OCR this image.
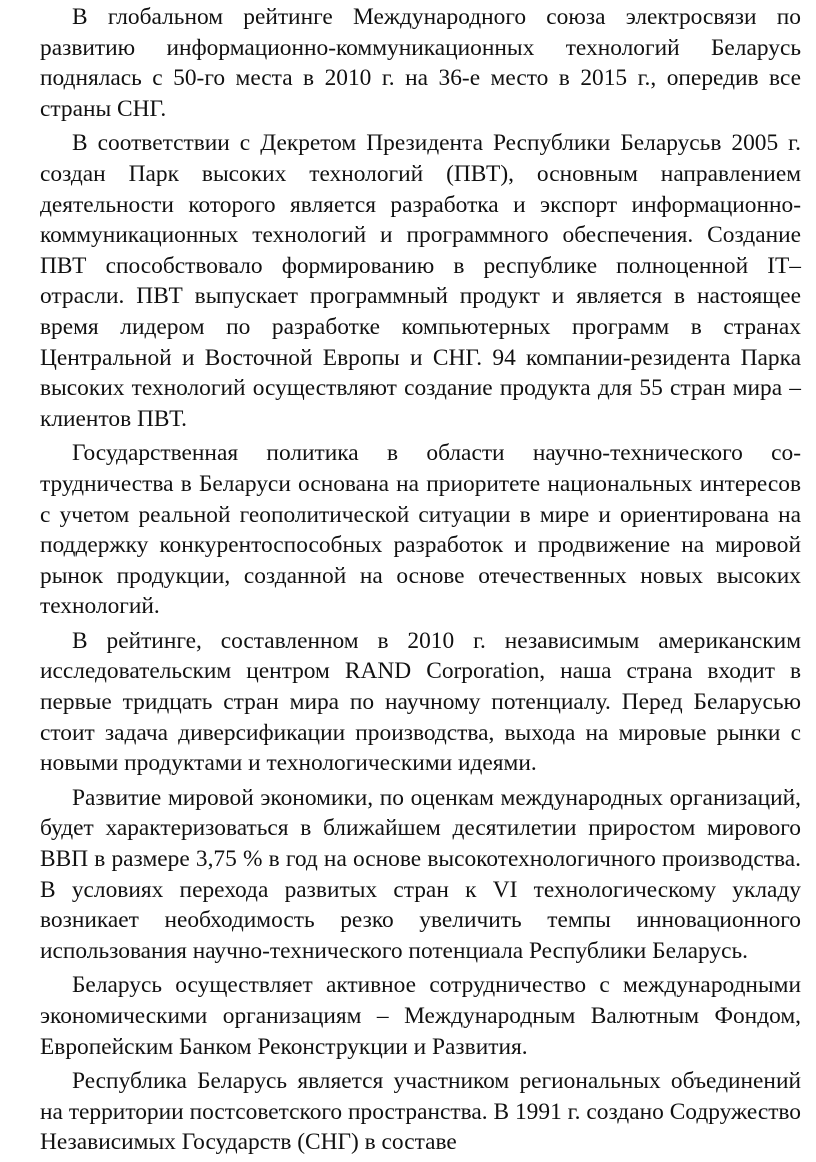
В глобальном рейтинге Международного союза электросвязи по развитию информационно-коммуникационных технологий Беларусь поднялась с 50-го места в 2010 г. на 36-е место в 2015 г., опередив все страны СНГ.

В соответствии с Декретом Президента Республики Беларусьв 2005 г. создан Парк высоких технологий (ПВТ), основным направлением деятельности которого является разработка и экспорт информационно-коммуникационных технологий и программного обеспечения. Создание ПВТ способствовало формированию в республике полноценной IT–отрасли. ПВТ выпускает программный продукт и является в настоящее время лидером по разработке компьютерных программ в странах Центральной и Восточной Европы и СНГ. 94 компании-резидента Парка высоких технологий осуществляют создание продукта для 55 стран мира – клиентов ПВТ.

Государственная политика в области научно-технического сотрудничества в Беларуси основана на приоритете национальных интересов с учетом реальной геополитической ситуации в мире и ориентирована на поддержку конкурентоспособных разработок и продвижение на мировой рынок продукции, созданной на основе отечественных новых высоких технологий.

В рейтинге, составленном в 2010 г. независимым американским исследовательским центром RAND Corporation, наша страна входит в первые тридцать стран мира по научному потенциалу. Перед Беларусью стоит задача диверсификации производства, выхода на мировые рынки с новыми продуктами и технологическими идеями.

Развитие мировой экономики, по оценкам международных организаций, будет характеризоваться в ближайшем десятилетии приростом мирового ВВП в размере 3,75 % в год на основе высокотехнологичного производства. В условиях перехода развитых стран к VI технологическому укладу возникает необходимость резко увеличить темпы инновационного использования научно-технического потенциала Республики Беларусь.

Беларусь осуществляет активное сотрудничество с международными экономическими организациям – Международным Валютным Фондом, Европейским Банком Реконструкции и Развития.

Республика Беларусь является участником региональных объединений на территории постсоветского пространства. В 1991 г. создано Содружество Независимых Государств (СНГ) в составе
